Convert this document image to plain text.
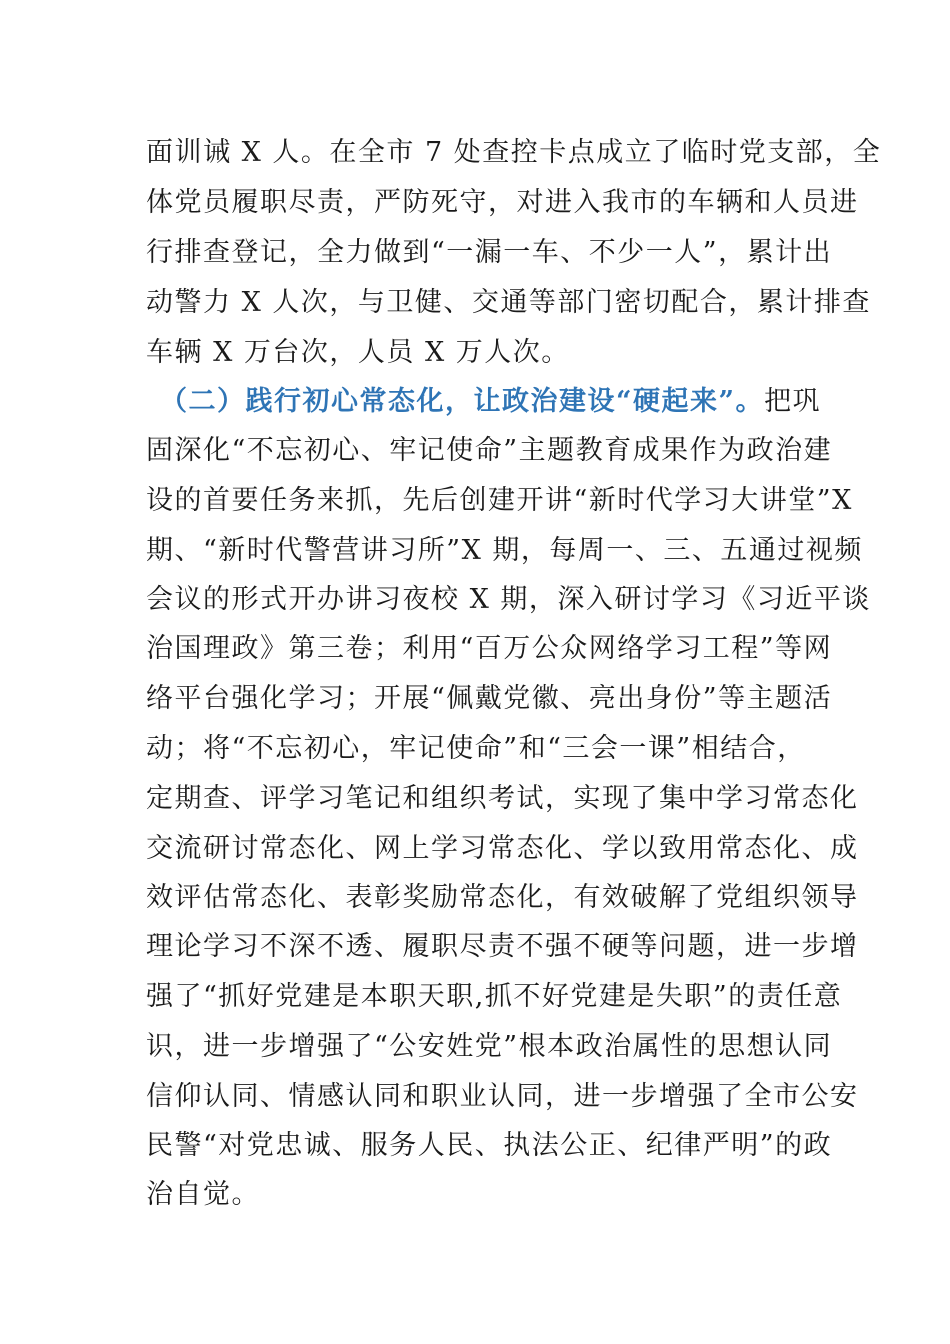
面训诫 X 人。在全市 7 处查控卡点成立了临时党支部，全
体党员履职尽责，严防死守，对进入我市的车辆和人员进
行排查登记，全力做到“一漏一车、不少一人”，累计出
动警力 X 人次，与卫健、交通等部门密切配合，累计排查
车辆 X 万台次，人员 X 万人次。
（二）践行初心常态化，让政治建设“硬起来”。把巩
固深化“不忘初心、牢记使命”主题教育成果作为政治建
设的首要任务来抓，先后创建开讲“新时代学习大讲堂”X
期、“新时代警营讲习所”X 期，每周一、三、五通过视频
会议的形式开办讲习夜校 X 期，深入研讨学习《习近平谈
治国理政》第三卷；利用“百万公众网络学习工程”等网
络平台强化学习；开展“佩戴党徽、亮出身份”等主题活
动；将“不忘初心，牢记使命”和“三会一课”相结合，
定期查、评学习笔记和组织考试，实现了集中学习常态化
交流研讨常态化、网上学习常态化、学以致用常态化、成
效评估常态化、表彰奖励常态化，有效破解了党组织领导
理论学习不深不透、履职尽责不强不硬等问题，进一步增
强了“抓好党建是本职天职,抓不好党建是失职”的责任意
识，进一步增强了“公安姓党”根本政治属性的思想认同
信仰认同、情感认同和职业认同，进一步增强了全市公安
民警“对党忠诚、服务人民、执法公正、纪律严明”的政
治自觉。
